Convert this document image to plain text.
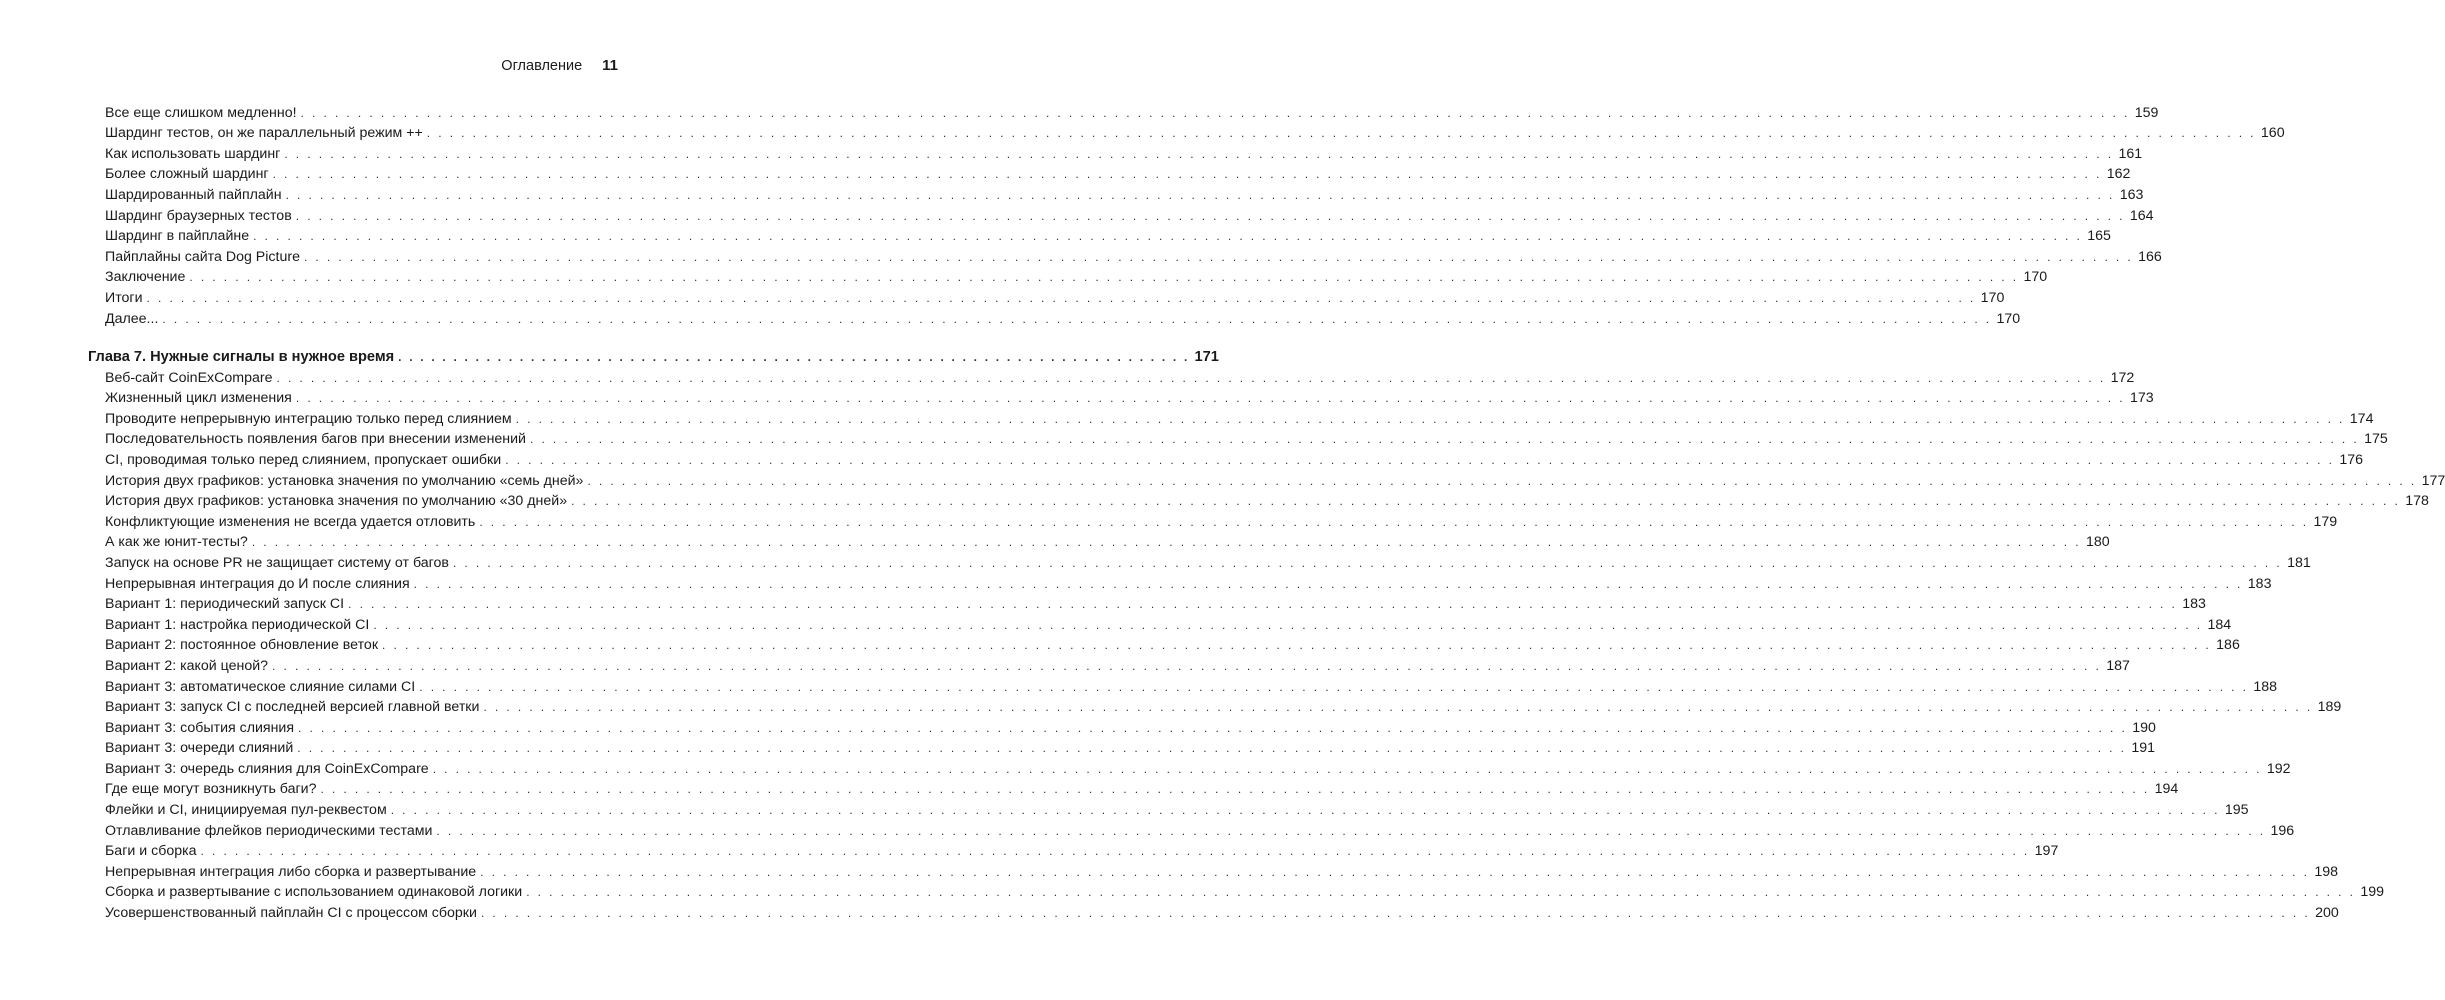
Оглавление 11
Все еще слишком медленно! . . . . . . . . . . . . . . . . . . . . . . . . . . . . . . . . . . . . . . . . . . . . . . . . . . . . . . . . . . . . . . . . . . . . . . . . . . . . . . . . . . . . . . . . . . . . . . . . . . . . . . . . . . . . . . . . . . . . . . . . . . . . . . . . . . . . . . . . . . . . . . . . . . . . . . . . . . . . . . . . 159
Шардинг тестов, он же параллельный режим ++ . . . . . . . . . . . . . . . . . . . . . . . . . . . . . . . . . . . . . . . . . . . . . . . . . . . . . . . . . . . . . . . . . . . . . . . . . . . . . . . . . . . . . . . . . . . . . . . . . . . . . . . . . . . . . . . . . . . . . . . . . . . . . . . . . . . . . . . . . . . . . . . . . . . . . . . . . . . . . . . . 160
Как использовать шардинг . . . . . . . . . . . . . . . . . . . . . . . . . . . . . . . . . . . . . . . . . . . . . . . . . . . . . . . . . . . . . . . . . . . . . . . . . . . . . . . . . . . . . . . . . . . . . . . . . . . . . . . . . . . . . . . . . . . . . . . . . . . . . . . . . . . . . . . . . . . . . . . . . . . . . . . . . . . . . . . . 161
Более сложный шардинг . . . . . . . . . . . . . . . . . . . . . . . . . . . . . . . . . . . . . . . . . . . . . . . . . . . . . . . . . . . . . . . . . . . . . . . . . . . . . . . . . . . . . . . . . . . . . . . . . . . . . . . . . . . . . . . . . . . . . . . . . . . . . . . . . . . . . . . . . . . . . . . . . . . . . . . . . . . . . . . . 162
Шардированный пайплайн . . . . . . . . . . . . . . . . . . . . . . . . . . . . . . . . . . . . . . . . . . . . . . . . . . . . . . . . . . . . . . . . . . . . . . . . . . . . . . . . . . . . . . . . . . . . . . . . . . . . . . . . . . . . . . . . . . . . . . . . . . . . . . . . . . . . . . . . . . . . . . . . . . . . . . . . . . . . . . . . 163
Шардинг браузерных тестов . . . . . . . . . . . . . . . . . . . . . . . . . . . . . . . . . . . . . . . . . . . . . . . . . . . . . . . . . . . . . . . . . . . . . . . . . . . . . . . . . . . . . . . . . . . . . . . . . . . . . . . . . . . . . . . . . . . . . . . . . . . . . . . . . . . . . . . . . . . . . . . . . . . . . . . . . . . . . . . . 164
Шардинг в пайплайне . . . . . . . . . . . . . . . . . . . . . . . . . . . . . . . . . . . . . . . . . . . . . . . . . . . . . . . . . . . . . . . . . . . . . . . . . . . . . . . . . . . . . . . . . . . . . . . . . . . . . . . . . . . . . . . . . . . . . . . . . . . . . . . . . . . . . . . . . . . . . . . . . . . . . . . . . . . . . . . . 165
Пайплайны сайта Dog Picture . . . . . . . . . . . . . . . . . . . . . . . . . . . . . . . . . . . . . . . . . . . . . . . . . . . . . . . . . . . . . . . . . . . . . . . . . . . . . . . . . . . . . . . . . . . . . . . . . . . . . . . . . . . . . . . . . . . . . . . . . . . . . . . . . . . . . . . . . . . . . . . . . . . . . . . . . . . . . . . . 166
Заключение . . . . . . . . . . . . . . . . . . . . . . . . . . . . . . . . . . . . . . . . . . . . . . . . . . . . . . . . . . . . . . . . . . . . . . . . . . . . . . . . . . . . . . . . . . . . . . . . . . . . . . . . . . . . . . . . . . . . . . . . . . . . . . . . . . . . . . . . . . . . . . . . . . . . . . . . . . . . . . . . 170
Итоги . . . . . . . . . . . . . . . . . . . . . . . . . . . . . . . . . . . . . . . . . . . . . . . . . . . . . . . . . . . . . . . . . . . . . . . . . . . . . . . . . . . . . . . . . . . . . . . . . . . . . . . . . . . . . . . . . . . . . . . . . . . . . . . . . . . . . . . . . . . . . . . . . . . . . . . . . . . . . . . . 170
Далее... . . . . . . . . . . . . . . . . . . . . . . . . . . . . . . . . . . . . . . . . . . . . . . . . . . . . . . . . . . . . . . . . . . . . . . . . . . . . . . . . . . . . . . . . . . . . . . . . . . . . . . . . . . . . . . . . . . . . . . . . . . . . . . . . . . . . . . . . . . . . . . . . . . . . . . . . . . . . . . . . 170
Глава 7. Нужные сигналы в нужное время . . . . . . . . . . . . . . . . . . . . . . . . . . . . . . . . . . . . . . . . . . . . . . . . . . . . . . . . . . . . . . . . . . . . . . . . 171
Веб-сайт CoinExCompare . . . . . . . . . . . . . . . . . . . . . . . . . . . . . . . . . . . . . . . . . . . . . . . . . . . . . . . . . . . . . . . . . . . . . . . . . . . . . . . . . . . . . . . . . . . . . . . . . . . . . . . . . . . . . . . . . . . . . . . . . . . . . . . . . . . . . . . . . . . . . . . . . . . . . . . . . . . . . . . . 172
Жизненный цикл изменения . . . . . . . . . . . . . . . . . . . . . . . . . . . . . . . . . . . . . . . . . . . . . . . . . . . . . . . . . . . . . . . . . . . . . . . . . . . . . . . . . . . . . . . . . . . . . . . . . . . . . . . . . . . . . . . . . . . . . . . . . . . . . . . . . . . . . . . . . . . . . . . . . . . . . . . . . . . . . . . . 173
Проводите непрерывную интеграцию только перед слиянием . . . . . . . . . . . . . . . . . . . . . . . . . . . . . . . . . . . . . . . . . . . . . . . . . . . . . . . . . . . . . . . . . . . . . . . . . . . . . . . . . . . . . . . . . . . . . . . . . . . . . . . . . . . . . . . . . . . . . . . . . . . . . . . . . . . . . . . . . . . . . . . . . . . . . . . . . . . . . . . . 174
Последовательность появления багов при внесении изменений . . . . . . . . . . . . . . . . . . . . . . . . . . . . . . . . . . . . . . . . . . . . . . . . . . . . . . . . . . . . . . . . . . . . . . . . . . . . . . . . . . . . . . . . . . . . . . . . . . . . . . . . . . . . . . . . . . . . . . . . . . . . . . . . . . . . . . . . . . . . . . . . . . . . . . . . . . . . . . . . 175
CI, проводимая только перед слиянием, пропускает ошибки . . . . . . . . . . . . . . . . . . . . . . . . . . . . . . . . . . . . . . . . . . . . . . . . . . . . . . . . . . . . . . . . . . . . . . . . . . . . . . . . . . . . . . . . . . . . . . . . . . . . . . . . . . . . . . . . . . . . . . . . . . . . . . . . . . . . . . . . . . . . . . . . . . . . . . . . . . . . . . . . 176
История двух графиков: установка значения по умолчанию «семь дней» . . . . . . . . . . . . . . . . . . . . . . . . . . . . . . . . . . . . . . . . . . . . . . . . . . . . . . . . . . . . . . . . . . . . . . . . . . . . . . . . . . . . . . . . . . . . . . . . . . . . . . . . . . . . . . . . . . . . . . . . . . . . . . . . . . . . . . . . . . . . . . . . . . . . . . . . . . . . . . . . 177
История двух графиков: установка значения по умолчанию «30 дней» . . . . . . . . . . . . . . . . . . . . . . . . . . . . . . . . . . . . . . . . . . . . . . . . . . . . . . . . . . . . . . . . . . . . . . . . . . . . . . . . . . . . . . . . . . . . . . . . . . . . . . . . . . . . . . . . . . . . . . . . . . . . . . . . . . . . . . . . . . . . . . . . . . . . . . . . . . . . . . . . 178
Конфликтующие изменения не всегда удается отловить . . . . . . . . . . . . . . . . . . . . . . . . . . . . . . . . . . . . . . . . . . . . . . . . . . . . . . . . . . . . . . . . . . . . . . . . . . . . . . . . . . . . . . . . . . . . . . . . . . . . . . . . . . . . . . . . . . . . . . . . . . . . . . . . . . . . . . . . . . . . . . . . . . . . . . . . . . . . . . . . 179
А как же юнит-тесты? . . . . . . . . . . . . . . . . . . . . . . . . . . . . . . . . . . . . . . . . . . . . . . . . . . . . . . . . . . . . . . . . . . . . . . . . . . . . . . . . . . . . . . . . . . . . . . . . . . . . . . . . . . . . . . . . . . . . . . . . . . . . . . . . . . . . . . . . . . . . . . . . . . . . . . . . . . . . . . . . 180
Запуск на основе PR не защищает систему от багов . . . . . . . . . . . . . . . . . . . . . . . . . . . . . . . . . . . . . . . . . . . . . . . . . . . . . . . . . . . . . . . . . . . . . . . . . . . . . . . . . . . . . . . . . . . . . . . . . . . . . . . . . . . . . . . . . . . . . . . . . . . . . . . . . . . . . . . . . . . . . . . . . . . . . . . . . . . . . . . . 181
Непрерывная интеграция до И после слияния . . . . . . . . . . . . . . . . . . . . . . . . . . . . . . . . . . . . . . . . . . . . . . . . . . . . . . . . . . . . . . . . . . . . . . . . . . . . . . . . . . . . . . . . . . . . . . . . . . . . . . . . . . . . . . . . . . . . . . . . . . . . . . . . . . . . . . . . . . . . . . . . . . . . . . . . . . . . . . . . 183
Вариант 1: периодический запуск CI . . . . . . . . . . . . . . . . . . . . . . . . . . . . . . . . . . . . . . . . . . . . . . . . . . . . . . . . . . . . . . . . . . . . . . . . . . . . . . . . . . . . . . . . . . . . . . . . . . . . . . . . . . . . . . . . . . . . . . . . . . . . . . . . . . . . . . . . . . . . . . . . . . . . . . . . . . . . . . . . 183
Вариант 1: настройка периодической CI . . . . . . . . . . . . . . . . . . . . . . . . . . . . . . . . . . . . . . . . . . . . . . . . . . . . . . . . . . . . . . . . . . . . . . . . . . . . . . . . . . . . . . . . . . . . . . . . . . . . . . . . . . . . . . . . . . . . . . . . . . . . . . . . . . . . . . . . . . . . . . . . . . . . . . . . . . . . . . . . 184
Вариант 2: постоянное обновление веток . . . . . . . . . . . . . . . . . . . . . . . . . . . . . . . . . . . . . . . . . . . . . . . . . . . . . . . . . . . . . . . . . . . . . . . . . . . . . . . . . . . . . . . . . . . . . . . . . . . . . . . . . . . . . . . . . . . . . . . . . . . . . . . . . . . . . . . . . . . . . . . . . . . . . . . . . . . . . . . . 186
Вариант 2: какой ценой? . . . . . . . . . . . . . . . . . . . . . . . . . . . . . . . . . . . . . . . . . . . . . . . . . . . . . . . . . . . . . . . . . . . . . . . . . . . . . . . . . . . . . . . . . . . . . . . . . . . . . . . . . . . . . . . . . . . . . . . . . . . . . . . . . . . . . . . . . . . . . . . . . . . . . . . . . . . . . . . . 187
Вариант 3: автоматическое слияние силами CI . . . . . . . . . . . . . . . . . . . . . . . . . . . . . . . . . . . . . . . . . . . . . . . . . . . . . . . . . . . . . . . . . . . . . . . . . . . . . . . . . . . . . . . . . . . . . . . . . . . . . . . . . . . . . . . . . . . . . . . . . . . . . . . . . . . . . . . . . . . . . . . . . . . . . . . . . . . . . . . . 188
Вариант 3: запуск CI с последней версией главной ветки . . . . . . . . . . . . . . . . . . . . . . . . . . . . . . . . . . . . . . . . . . . . . . . . . . . . . . . . . . . . . . . . . . . . . . . . . . . . . . . . . . . . . . . . . . . . . . . . . . . . . . . . . . . . . . . . . . . . . . . . . . . . . . . . . . . . . . . . . . . . . . . . . . . . . . . . . . . . . . . . 189
Вариант 3: события слияния . . . . . . . . . . . . . . . . . . . . . . . . . . . . . . . . . . . . . . . . . . . . . . . . . . . . . . . . . . . . . . . . . . . . . . . . . . . . . . . . . . . . . . . . . . . . . . . . . . . . . . . . . . . . . . . . . . . . . . . . . . . . . . . . . . . . . . . . . . . . . . . . . . . . . . . . . . . . . . . . 190
Вариант 3: очереди слияний . . . . . . . . . . . . . . . . . . . . . . . . . . . . . . . . . . . . . . . . . . . . . . . . . . . . . . . . . . . . . . . . . . . . . . . . . . . . . . . . . . . . . . . . . . . . . . . . . . . . . . . . . . . . . . . . . . . . . . . . . . . . . . . . . . . . . . . . . . . . . . . . . . . . . . . . . . . . . . . . 191
Вариант 3: очередь слияния для CoinExCompare . . . . . . . . . . . . . . . . . . . . . . . . . . . . . . . . . . . . . . . . . . . . . . . . . . . . . . . . . . . . . . . . . . . . . . . . . . . . . . . . . . . . . . . . . . . . . . . . . . . . . . . . . . . . . . . . . . . . . . . . . . . . . . . . . . . . . . . . . . . . . . . . . . . . . . . . . . . . . . . . 192
Где еще могут возникнуть баги? . . . . . . . . . . . . . . . . . . . . . . . . . . . . . . . . . . . . . . . . . . . . . . . . . . . . . . . . . . . . . . . . . . . . . . . . . . . . . . . . . . . . . . . . . . . . . . . . . . . . . . . . . . . . . . . . . . . . . . . . . . . . . . . . . . . . . . . . . . . . . . . . . . . . . . . . . . . . . . . . 194
Флейки и CI, инициируемая пул-реквестом . . . . . . . . . . . . . . . . . . . . . . . . . . . . . . . . . . . . . . . . . . . . . . . . . . . . . . . . . . . . . . . . . . . . . . . . . . . . . . . . . . . . . . . . . . . . . . . . . . . . . . . . . . . . . . . . . . . . . . . . . . . . . . . . . . . . . . . . . . . . . . . . . . . . . . . . . . . . . . . . 195
Отлавливание флейков периодическими тестами . . . . . . . . . . . . . . . . . . . . . . . . . . . . . . . . . . . . . . . . . . . . . . . . . . . . . . . . . . . . . . . . . . . . . . . . . . . . . . . . . . . . . . . . . . . . . . . . . . . . . . . . . . . . . . . . . . . . . . . . . . . . . . . . . . . . . . . . . . . . . . . . . . . . . . . . . . . . . . . . 196
Баги и сборка . . . . . . . . . . . . . . . . . . . . . . . . . . . . . . . . . . . . . . . . . . . . . . . . . . . . . . . . . . . . . . . . . . . . . . . . . . . . . . . . . . . . . . . . . . . . . . . . . . . . . . . . . . . . . . . . . . . . . . . . . . . . . . . . . . . . . . . . . . . . . . . . . . . . . . . . . . . . . . . . 197
Непрерывная интеграция либо сборка и развертывание . . . . . . . . . . . . . . . . . . . . . . . . . . . . . . . . . . . . . . . . . . . . . . . . . . . . . . . . . . . . . . . . . . . . . . . . . . . . . . . . . . . . . . . . . . . . . . . . . . . . . . . . . . . . . . . . . . . . . . . . . . . . . . . . . . . . . . . . . . . . . . . . . . . . . . . . . . . . . . . . 198
Сборка и развертывание с использованием одинаковой логики . . . . . . . . . . . . . . . . . . . . . . . . . . . . . . . . . . . . . . . . . . . . . . . . . . . . . . . . . . . . . . . . . . . . . . . . . . . . . . . . . . . . . . . . . . . . . . . . . . . . . . . . . . . . . . . . . . . . . . . . . . . . . . . . . . . . . . . . . . . . . . . . . . . . . . . . . . . . . . . . 199
Усовершенствованный пайплайн CI с процессом сборки . . . . . . . . . . . . . . . . . . . . . . . . . . . . . . . . . . . . . . . . . . . . . . . . . . . . . . . . . . . . . . . . . . . . . . . . . . . . . . . . . . . . . . . . . . . . . . . . . . . . . . . . . . . . . . . . . . . . . . . . . . . . . . . . . . . . . . . . . . . . . . . . . . . . . . . . . . . . . . . . 200
